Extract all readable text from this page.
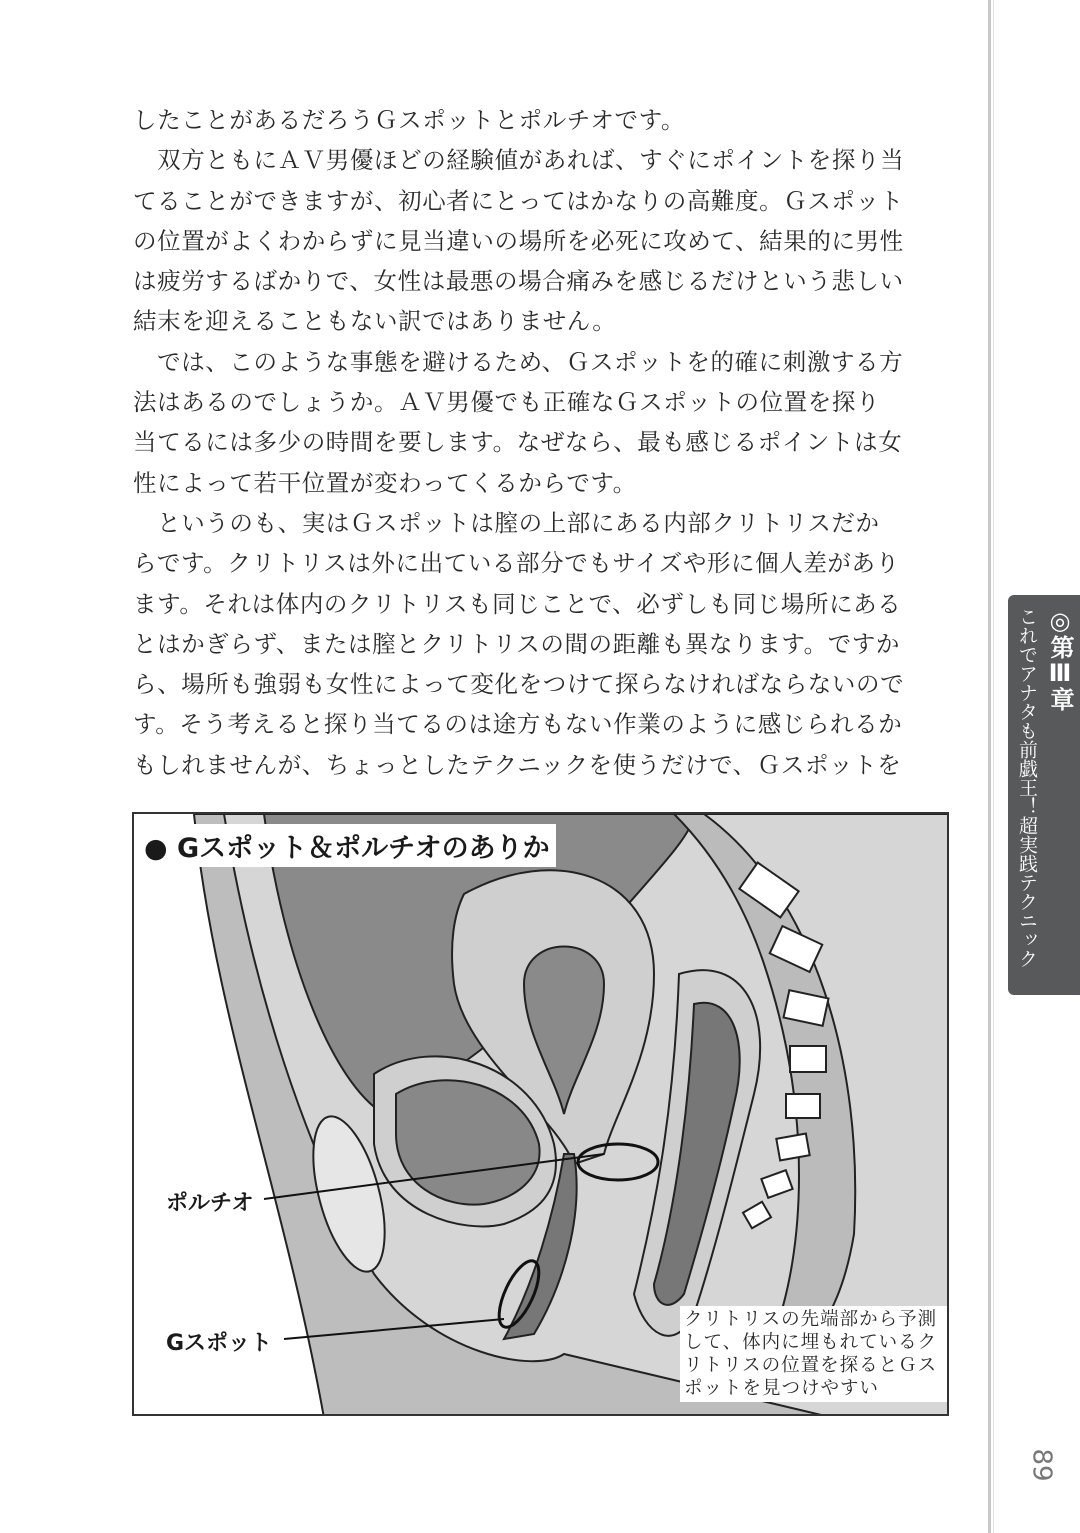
したことがあるだろうＧスポットとポルチオです。
　双方ともにＡＶ男優ほどの経験値があれば、すぐにポイントを探り当
てることができますが、初心者にとってはかなりの高難度。Ｇスポット
の位置がよくわからずに見当違いの場所を必死に攻めて、結果的に男性
は疲労するばかりで、女性は最悪の場合痛みを感じるだけという悲しい
結末を迎えることもない訳ではありません。
　では、このような事態を避けるため、Ｇスポットを的確に刺激する方
法はあるのでしょうか。ＡＶ男優でも正確なＧスポットの位置を探り
当てるには多少の時間を要します。なぜなら、最も感じるポイントは女
性によって若干位置が変わってくるからです。
　というのも、実はＧスポットは膣の上部にある内部クリトリスだか
らです。クリトリスは外に出ている部分でもサイズや形に個人差があり
ます。それは体内のクリトリスも同じことで、必ずしも同じ場所にある
とはかぎらず、または膣とクリトリスの間の距離も異なります。ですか
ら、場所も強弱も女性によって変化をつけて探らなければならないので
す。そう考えると探り当てるのは途方もない作業のように感じられるか
もしれませんが、ちょっとしたテクニックを使うだけで、Ｇスポットを
● Gスポット＆ポルチオのありか
ポルチオ
Gスポット
クリトリスの先端部から予測して、体内に埋もれているクリトリスの位置を探るとＧスポットを見つけやすい
◎第Ⅲ章
これでアナタも前戯王！超実践テクニック
89
